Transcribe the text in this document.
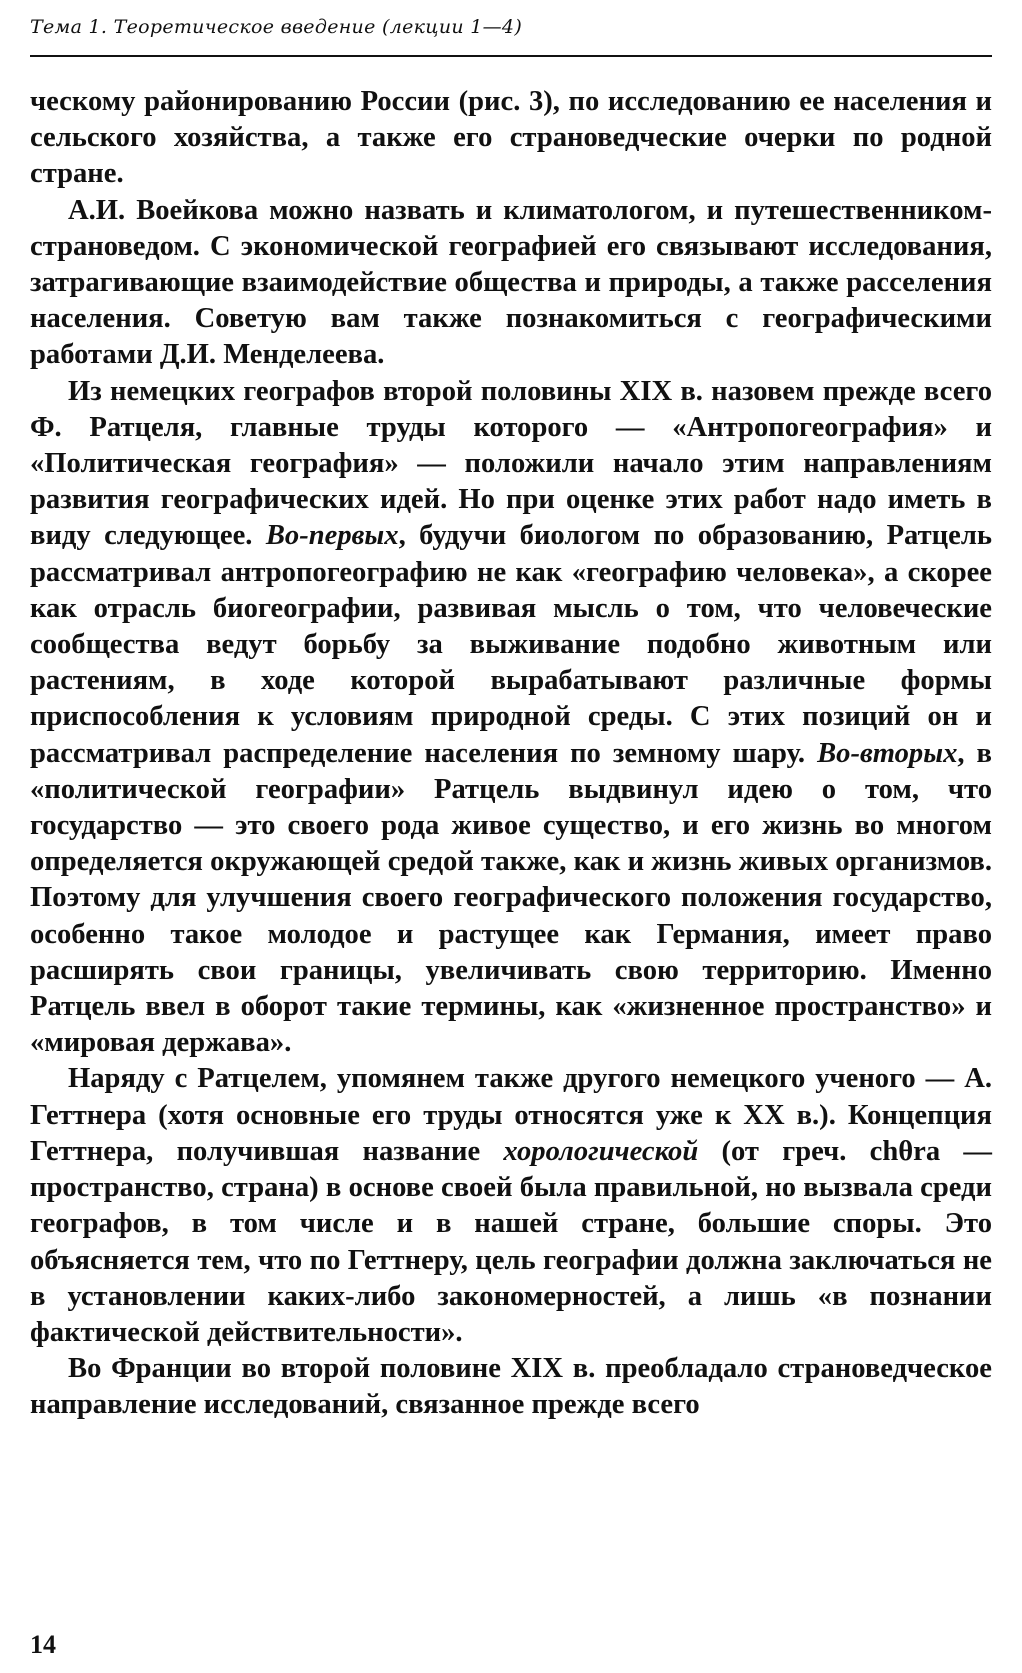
Тема 1. Теоретическое введение (лекции 1—4)

ческому районированию России (рис. 3), по исследованию ее населения и сельского хозяйства, а также его страноведческие очерки по родной стране.

А.И. Воейкова можно назвать и климатологом, и путешественником-страноведом. С экономической географией его связывают исследования, затрагивающие взаимодействие общества и природы, а также расселения населения. Советую вам также познакомиться с географическими работами Д.И. Менделеева.

Из немецких географов второй половины XIX в. назовем прежде всего Ф. Ратцеля, главные труды которого — «Антропогеография» и «Политическая география» — положили начало этим направлениям развития географических идей. Но при оценке этих работ надо иметь в виду следующее. Во-первых, будучи биологом по образованию, Ратцель рассматривал антропогеографию не как «географию человека», а скорее как отрасль биогеографии, развивая мысль о том, что человеческие сообщества ведут борьбу за выживание подобно животным или растениям, в ходе которой вырабатывают различные формы приспособления к условиям природной среды. С этих позиций он и рассматривал распределение населения по земному шару. Во-вторых, в «политической географии» Ратцель выдвинул идею о том, что государство — это своего рода живое существо, и его жизнь во многом определяется окружающей средой также, как и жизнь живых организмов. Поэтому для улучшения своего географического положения государство, особенно такое молодое и растущее как Германия, имеет право расширять свои границы, увеличивать свою территорию. Именно Ратцель ввел в оборот такие термины, как «жизненное пространство» и «мировая держава».

Наряду с Ратцелем, упомянем также другого немецкого ученого — А. Геттнера (хотя основные его труды относятся уже к XX в.). Концепция Геттнера, получившая название хорологической (от греч. chθra — пространство, страна) в основе своей была правильной, но вызвала среди географов, в том числе и в нашей стране, большие споры. Это объясняется тем, что по Геттнеру, цель географии должна заключаться не в установлении каких-либо закономерностей, а лишь «в познании фактической действительности».

Во Франции во второй половине XIX в. преобладало страноведческое направление исследований, связанное прежде всего

14
